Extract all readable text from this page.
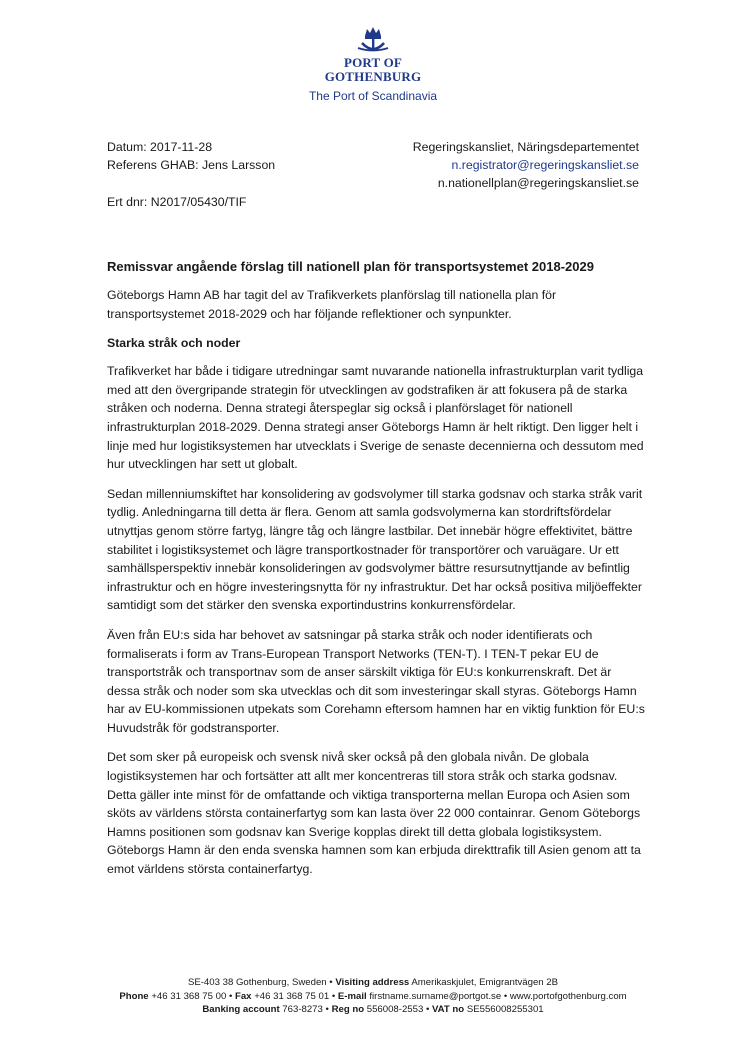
PORT OF
GOTHENBURG
The Port of Scandinavia
Datum: 2017-11-28
Referens GHAB: Jens Larsson
Ert dnr: N2017/05430/TIF
Regeringskansliet, Näringsdepartementet
n.registrator@regeringskansliet.se
n.nationellplan@regeringskansliet.se
Remissvar angående förslag till nationell plan för transportsystemet 2018-2029

Göteborgs Hamn AB har tagit del av Trafikverkets planförslag till nationella plan för transportsystemet 2018-2029 och har följande reflektioner och synpunkter.

Starka stråk och noder

Trafikverket har både i tidigare utredningar samt nuvarande nationella infrastrukturplan varit tydliga med att den övergripande strategin för utvecklingen av godstrafiken är att fokusera på de starka stråken och noderna. Denna strategi återspeglar sig också i planförslaget för nationell infrastrukturplan 2018-2029. Denna strategi anser Göteborgs Hamn är helt riktigt. Den ligger helt i linje med hur logistiksystemen har utvecklats i Sverige de senaste decennierna och dessutom med hur utvecklingen har sett ut globalt.

Sedan millenniumskiftet har konsolidering av godsvolymer till starka godsnav och starka stråk varit tydlig. Anledningarna till detta är flera. Genom att samla godsvolymerna kan stordriftsfördelar utnyttjas genom större fartyg, längre tåg och längre lastbilar. Det innebär högre effektivitet, bättre stabilitet i logistiksystemet och lägre transportkostnader för transportörer och varuägare. Ur ett samhällsperspektiv innebär konsolideringen av godsvolymer bättre resursutnyttjande av befintlig infrastruktur och en högre investeringsnytta för ny infrastruktur. Det har också positiva miljöeffekter samtidigt som det stärker den svenska exportindustrins konkurrensfördelar.

Även från EU:s sida har behovet av satsningar på starka stråk och noder identifierats och formaliserats i form av Trans-European Transport Networks (TEN-T). I TEN-T pekar EU de transportstråk och transportnav som de anser särskilt viktiga för EU:s konkurrenskraft. Det är dessa stråk och noder som ska utvecklas och dit som investeringar skall styras. Göteborgs Hamn har av EU-kommissionen utpekats som Corehamn eftersom hamnen har en viktig funktion för EU:s Huvudstråk för godstransporter.

Det som sker på europeisk och svensk nivå sker också på den globala nivån. De globala logistiksystemen har och fortsätter att allt mer koncentreras till stora stråk och starka godsnav. Detta gäller inte minst för de omfattande och viktiga transporterna mellan Europa och Asien som sköts av världens största containerfartyg som kan lasta över 22 000 containrar. Genom Göteborgs Hamns positionen som godsnav kan Sverige kopplas direkt till detta globala logistiksystem. Göteborgs Hamn är den enda svenska hamnen som kan erbjuda direkttrafik till Asien genom att ta emot världens största containerfartyg.

SE-403 38 Gothenburg, Sweden • Visiting address Amerikaskjulet, Emigrantvägen 2B
Phone +46 31 368 75 00 • Fax +46 31 368 75 01 • E-mail firstname.surname@portgot.se • www.portofgothenburg.com
Banking account 763-8273 • Reg no 556008-2553 • VAT no SE556008255301
